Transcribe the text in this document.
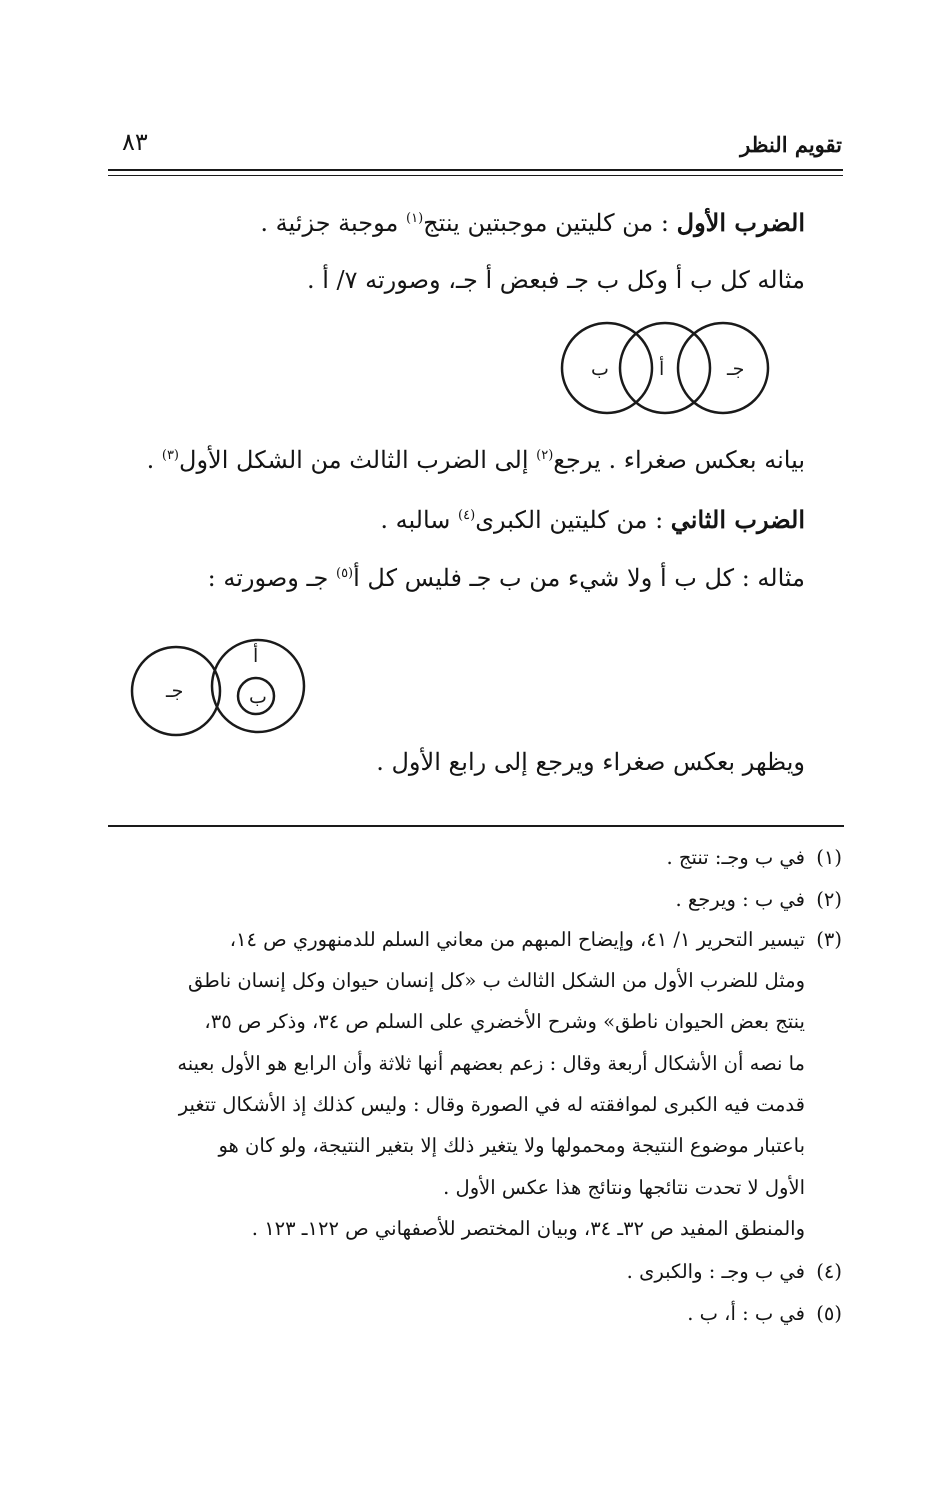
تقويم النظر
٨٣
الضرب الأول : من كليتين موجبتين ينتج$^{(١)}$ موجبة جزئية .
مثاله كل ب أ وكل ب جـ فبعض أ جـ، وصورته ٧/ أ .
ب	أ	جـ
بيانه بعكس صغراء . يرجع$^{(٢)}$ إلى الضرب الثالث من الشكل الأول$^{(٣)}$ .
الضرب الثاني : من كليتين الكبرى$^{(٤)}$ سالبه .
مثاله : كل ب أ ولا شيء من ب جـ فليس كل أ$^{(٥)}$ جـ وصورته :
أ
ب
جـ
ويظهر بعكس صغراء ويرجع إلى رابع الأول .
(١)
في ب وجـ: تنتج .
(٢)
في ب : ويرجع .
(٣)
تيسير التحرير ١/ ٤١، وإيضاح المبهم من معاني السلم للدمنهوري ص ١٤،
ومثل للضرب الأول من الشكل الثالث ب «كل إنسان حيوان وكل إنسان ناطق
ينتج بعض الحيوان ناطق» وشرح الأخضري على السلم ص ٣٤، وذكر ص ٣٥،
ما نصه أن الأشكال أربعة وقال : زعم بعضهم أنها ثلاثة وأن الرابع هو الأول بعينه
قدمت فيه الكبرى لموافقته له في الصورة وقال : وليس كذلك إذ الأشكال تتغير
باعتبار موضوع النتيجة ومحمولها ولا يتغير ذلك إلا بتغير النتيجة، ولو كان هو
الأول لا تحدت نتائجها ونتائج هذا عكس الأول .
والمنطق المفيد ص ٣٢ـ ٣٤، وبيان المختصر للأصفهاني ص ١٢٢ـ ١٢٣ .
(٤)
في ب وجـ : والكبرى .
(٥)
في ب : أ، ب .
